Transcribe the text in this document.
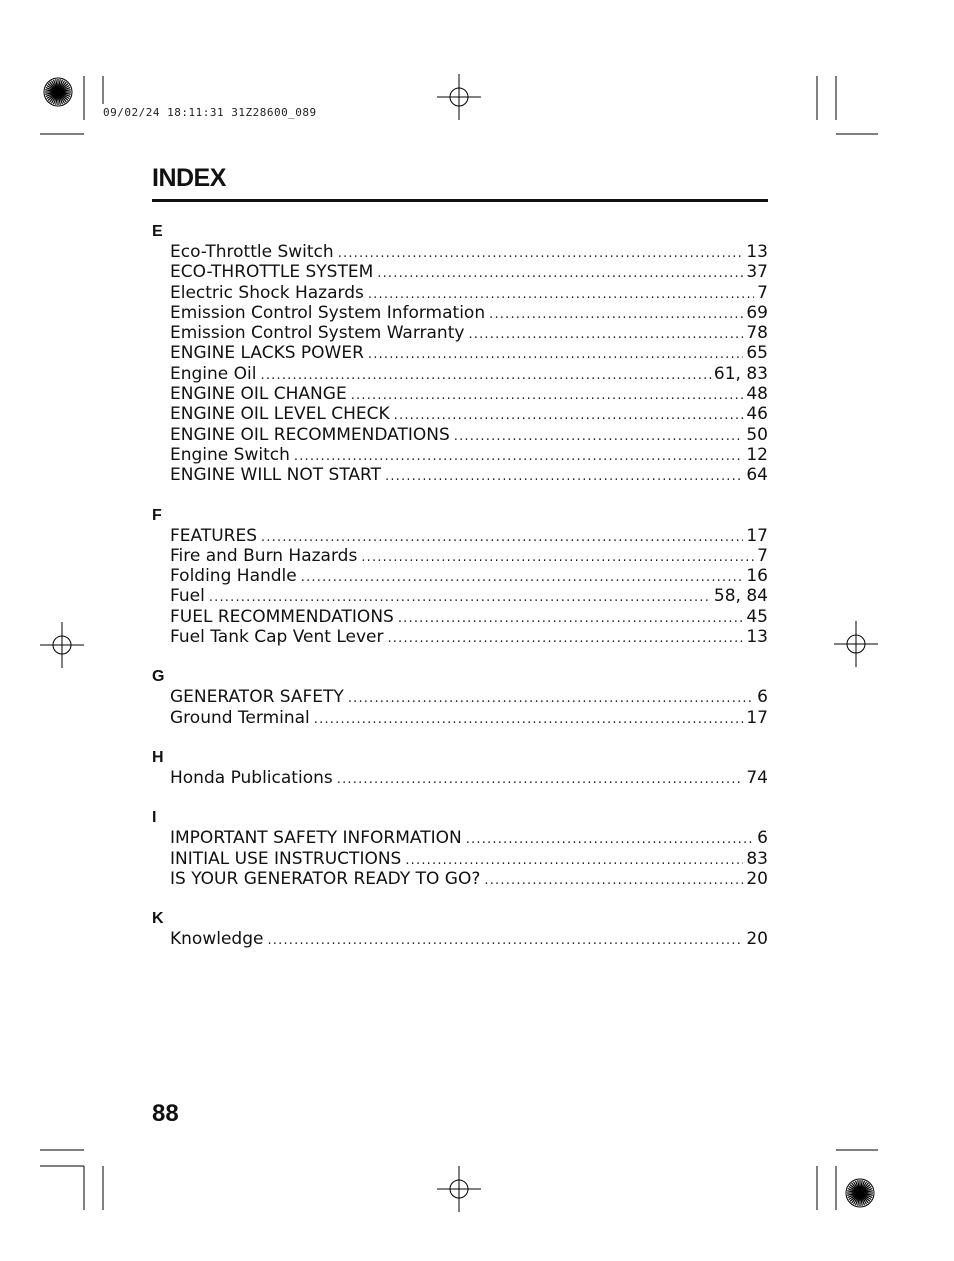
09/02/24 18:11:31 31Z28600_089
INDEX
E
Eco-Throttle Switch .....	13
ECO-THROTTLE SYSTEM .....	37
Electric Shock Hazards .....	7
Emission Control System Information .....	69
Emission Control System Warranty .....	78
ENGINE LACKS POWER .....	65
Engine Oil .....	61, 83
ENGINE OIL CHANGE .....	48
ENGINE OIL LEVEL CHECK .....	46
ENGINE OIL RECOMMENDATIONS .....	50
Engine Switch .....	12
ENGINE WILL NOT START .....	64
F
FEATURES .....	17
Fire and Burn Hazards .....	7
Folding Handle .....	16
Fuel .....	58, 84
FUEL RECOMMENDATIONS .....	45
Fuel Tank Cap Vent Lever .....	13
G
GENERATOR SAFETY .....	6
Ground Terminal .....	17
H
Honda Publications .....	74
I
IMPORTANT SAFETY INFORMATION .....	6
INITIAL USE INSTRUCTIONS .....	83
IS YOUR GENERATOR READY TO GO? .....	20
K
Knowledge .....	20
88
